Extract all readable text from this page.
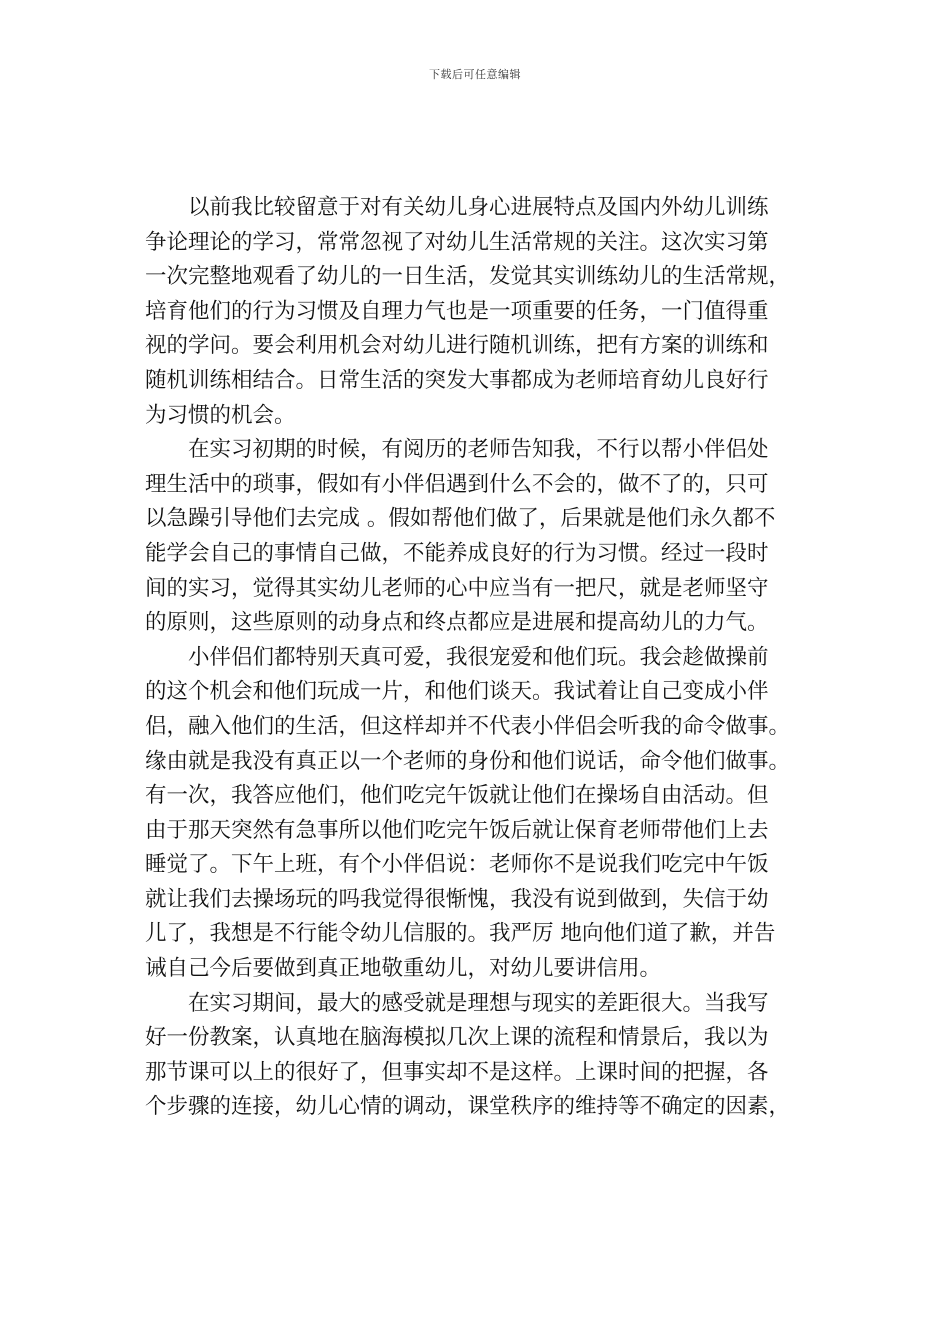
下载后可任意编辑
以前我比较留意于对有关幼儿身心进展特点及国内外幼儿训练
争论理论的学习，常常忽视了对幼儿生活常规的关注。这次实习第
一次完整地观看了幼儿的一日生活，发觉其实训练幼儿的生活常规，
培育他们的行为习惯及自理力气也是一项重要的任务，一门值得重
视的学问。要会利用机会对幼儿进行随机训练，把有方案的训练和
随机训练相结合。日常生活的突发大事都成为老师培育幼儿良好行
为习惯的机会。
在实习初期的时候，有阅历的老师告知我，不行以帮小伴侣处
理生活中的琐事，假如有小伴侣遇到什么不会的，做不了的，只可
以急躁引导他们去完成 。假如帮他们做了，后果就是他们永久都不
能学会自己的事情自己做，不能养成良好的行为习惯。经过一段时
间的实习，觉得其实幼儿老师的心中应当有一把尺，就是老师坚守
的原则，这些原则的动身点和终点都应是进展和提高幼儿的力气。
小伴侣们都特别天真可爱，我很宠爱和他们玩。我会趁做操前
的这个机会和他们玩成一片，和他们谈天。我试着让自己变成小伴
侣，融入他们的生活，但这样却并不代表小伴侣会听我的命令做事。
缘由就是我没有真正以一个老师的身份和他们说话，命令他们做事。
有一次，我答应他们，他们吃完午饭就让他们在操场自由活动。但
由于那天突然有急事所以他们吃完午饭后就让保育老师带他们上去
睡觉了。下午上班，有个小伴侣说：老师你不是说我们吃完中午饭
就让我们去操场玩的吗我觉得很惭愧，我没有说到做到，失信于幼
儿了，我想是不行能令幼儿信服的。我严厉 地向他们道了歉，并告
诫自己今后要做到真正地敬重幼儿，对幼儿要讲信用。
在实习期间，最大的感受就是理想与现实的差距很大。当我写
好一份教案，认真地在脑海模拟几次上课的流程和情景后，我以为
那节课可以上的很好了，但事实却不是这样。上课时间的把握，各
个步骤的连接，幼儿心情的调动，课堂秩序的维持等不确定的因素，
